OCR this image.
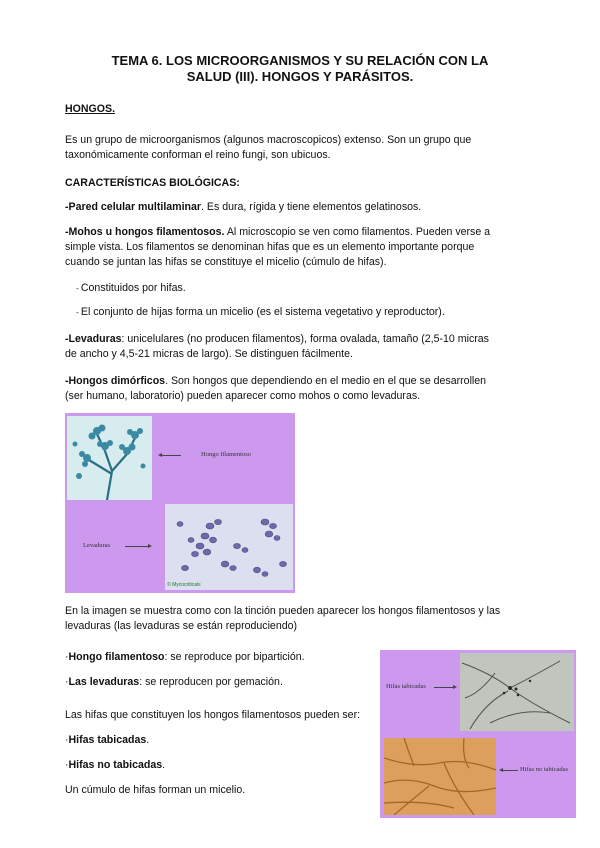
TEMA 6. LOS MICROORGANISMOS Y SU RELACIÓN CON LA
SALUD (III). HONGOS Y PARÁSITOS.
HONGOS.
Es un grupo de microorganismos (algunos macroscopicos) extenso. Son un grupo que
taxonómicamente conforman el reino fungi, son ubicuos.
CARACTERÍSTICAS BIOLÓGICAS:
-Pared celular multilaminar. Es dura, rígida y tiene elementos gelatinosos.
-Mohos u hongos filamentosos. Al microscopio se ven como filamentos. Pueden verse a
simple vista. Los filamentos se denominan hifas que es un elemento importante porque
cuando se juntan las hifas se constituye el micelio (cúmulo de hifas).
- Constituidos por hifas.
- El conjunto de hijas forma un micelio (es el sistema vegetativo y reproductor).
-Levaduras: unicelulares (no producen filamentos), forma ovalada, tamaño (2,5-10 micras
de ancho y 4,5-21 micras de largo). Se distinguen fácilmente.
-Hongos dimórficos. Son hongos que dependiendo en el medio en el que se desarrollen
(ser humano, laboratorio) pueden aparecer como mohos o como levaduras.
Hongo filamentoso
Levaduras
© Mycocriticals
En la imagen se muestra como con la tinción pueden aparecer los hongos filamentosos y las
levaduras (las levaduras se están reproduciendo)
·Hongo filamentoso: se reproduce por bipartición.
·Las levaduras: se reproducen por gemación.
Las hifas que constituyen los hongos filamentosos pueden ser:
·Hifas tabicadas.
·Hifas no tabicadas.
Un cúmulo de hifas forman un micelio.
Hifas tabicadas
Hifas no tabicadas
